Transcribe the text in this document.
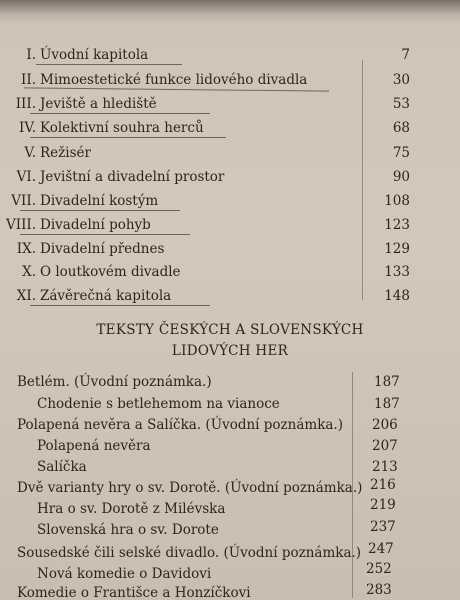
I. Úvodní kapitola	7
II. Mimoestetické funkce lidového divadla	30
III. Jeviště a hlediště	53
IV. Kolektivní souhra herců	68
V. Režisér	75
VI. Jevištní a divadelní prostor	90
VII. Divadelní kostým	108
VIII. Divadelní pohyb	123
IX. Divadelní přednes	129
X. O loutkovém divadle	133
XI. Závěrečná kapitola	148
TEKSTY ČESKÝCH A SLOVENSKÝCH
LIDOVÝCH HER
Betlém. (Úvodní poznámka.)	187
Chodenie s betlehemom na vianoce	187
Polapená nevěra a Salíčka. (Úvodní poznámka.) 206
Polapená nevěra	207
Salíčka	213
Dvě varianty hry o sv. Dorotě. (Úvodní poznámka.) 216
Hra o sv. Dorotě z Milévska	219
Slovenská hra o sv. Dorote	237
Sousedské čili selské divadlo. (Úvodní poznámka.) 247
Nová komedie o Davidovi	252
Komedie o Františce a Honzíčkovi	283
